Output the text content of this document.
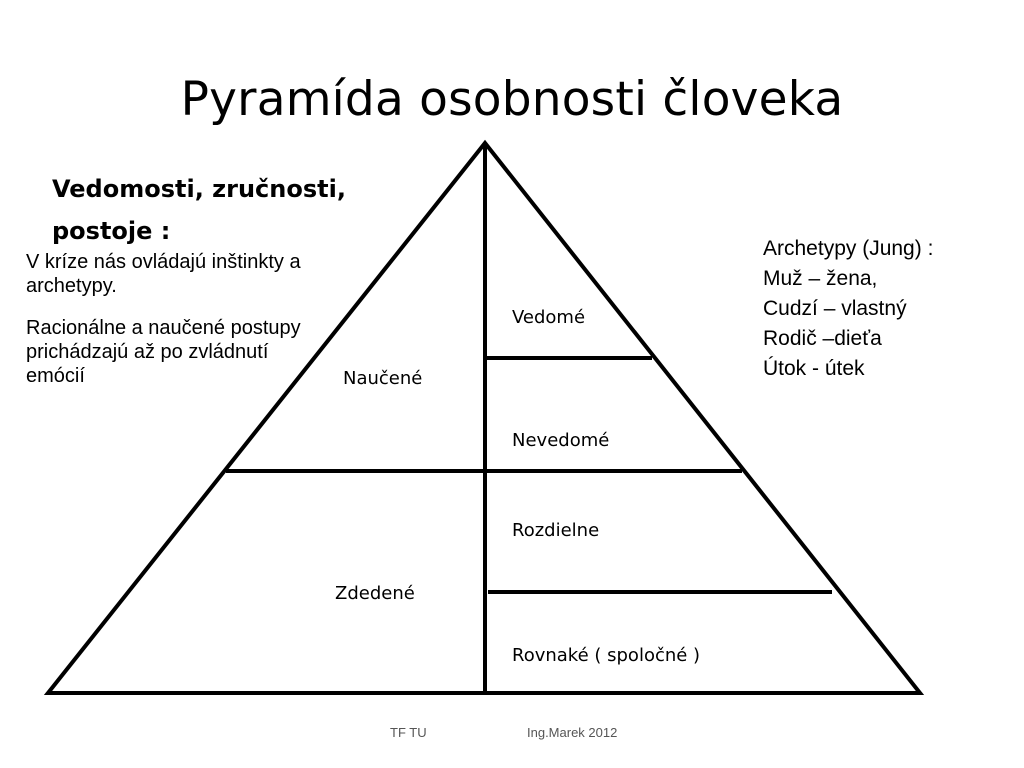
Pyramída osobnosti človeka
Vedomosti, zručnosti, postoje :

V kríze nás ovládajú inštinkty a archetypy.

Racionálne a naučené postupy prichádzajú až po zvládnutí emócií

Archetypy (Jung) :
Muž – žena,
Cudzí – vlastný
Rodič –dieťa
Útok - útek
Naučené
Zdedené
Vedomé
Nevedomé
Rozdielne
Rovnaké ( spoločné )
TF TU	Ing.Marek 2012
